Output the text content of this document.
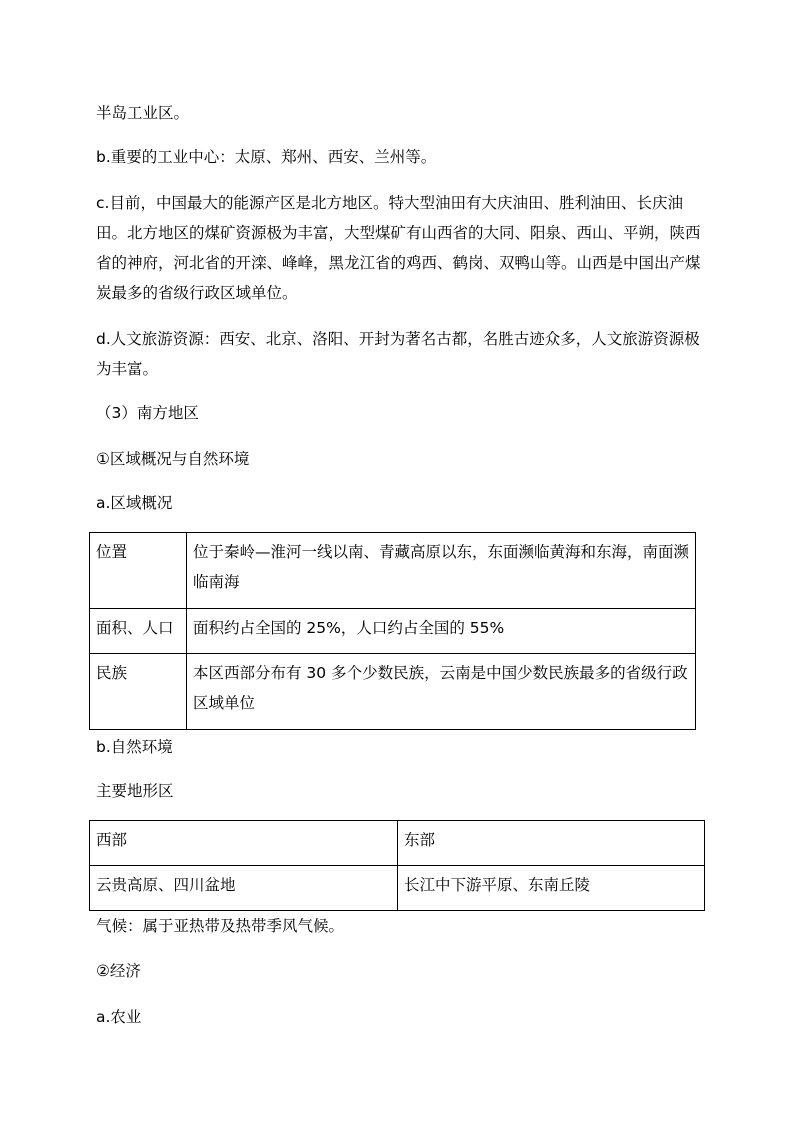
半岛工业区。

b.重要的工业中心：太原、郑州、西安、兰州等。

c.目前，中国最大的能源产区是北方地区。特大型油田有大庆油田、胜利油田、长庆油田。北方地区的煤矿资源极为丰富，大型煤矿有山西省的大同、阳泉、西山、平朔，陕西省的神府，河北省的开滦、峰峰，黑龙江省的鸡西、鹤岗、双鸭山等。山西是中国出产煤炭最多的省级行政区域单位。

d.人文旅游资源：西安、北京、洛阳、开封为著名古都，名胜古迹众多，人文旅游资源极为丰富。

（3）南方地区

①区域概况与自然环境

a.区域概况

位置	位于秦岭—淮河一线以南、青藏高原以东，东面濒临黄海和东海，南面濒临南海
面积、人口	面积约占全国的 25%，人口约占全国的 55%
民族	本区西部分布有 30 多个少数民族，云南是中国少数民族最多的省级行政区域单位

b.自然环境

主要地形区

西部	东部
云贵高原、四川盆地	长江中下游平原、东南丘陵

气候：属于亚热带及热带季风气候。

②经济

a.农业
